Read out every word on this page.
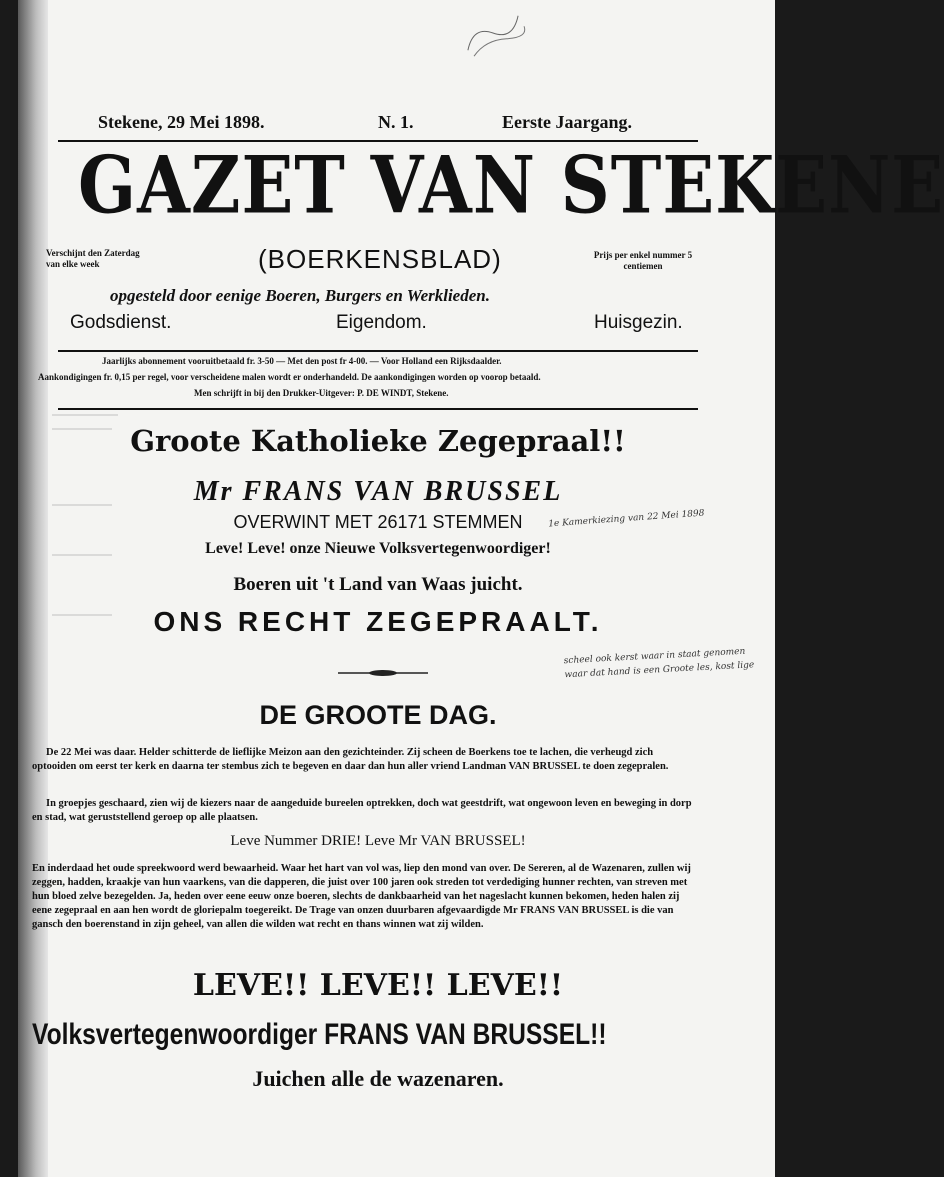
Stekene, 29 Mei 1898.	N. 1.	Eerste Jaargang.
GAZET VAN STEKENE
Verschijnt den Zaterdag
van elke week	(BOERKENSBLAD)	Prijs per enkel nummer 5 centiemen
opgesteld door eenige Boeren, Burgers en Werklieden.
Godsdienst.	Eigendom.	Huisgezin.
Jaarlijks abonnement vooruitbetaald fr. 3-50 — Met den post fr 4-00. — Voor Holland een Rijksdaalder.
Aankondigingen fr. 0,15 per regel, voor verscheidene malen wordt er onderhandeld. De aankondigingen worden op voorop betaald.
Men schrijft in bij den Drukker-Uitgever: P. DE WINDT, Stekene.
Groote Katholieke Zegepraal!!
Mr FRANS VAN BRUSSEL
OVERWINT MET 26171 STEMMEN	1e Kamerkiezing van 22 Mei 1898
Leve! Leve! onze Nieuwe Volksvertegenwoordiger!
Boeren uit 't Land van Waas juicht.
ONS RECHT ZEGEPRAALT.
scheel ook kerst waar in staat genomen waar dat hand is een Groote les, kost lige
DE GROOTE DAG.
De 22 Mei was daar. Helder schitterde de lieflijke Meizon aan den gezichteinder. Zij scheen de Boerkens toe te lachen, die verheugd zich optooiden om eerst ter kerk en daarna ter stembus zich te begeven en daar dan hun aller vriend Landman VAN BRUSSEL te doen zegepralen.
In groepjes geschaard, zien wij de kiezers naar de aangeduide bureelen optrekken, doch wat geestdrift, wat ongewoon leven en beweging in dorp en stad, wat geruststellend geroep op alle plaatsen.
Leve Nummer DRIE! Leve Mr VAN BRUSSEL!
En inderdaad het oude spreekwoord werd bewaarheid. Waar het hart van vol was, liep den mond van over. De Sereren, al de Wazenaren, zullen wij zeggen, hadden, kraakje van hun vaarkens, van die dapperen, die juist over 100 jaren ook streden tot verdediging hunner rechten, van streven met hun bloed zelve bezegelden. Ja, heden over eene eeuw onze boeren, slechts de dankbaarheid van het nageslacht kunnen bekomen, heden halen zij eene zegepraal en aan hen wordt de gloriepalm toegereikt. De Trage van onzen duurbaren afgevaardigde Mr FRANS VAN BRUSSEL is die van gansch den boerenstand in zijn geheel, van allen die wilden wat recht en thans winnen wat zij wilden.
LEVE!! LEVE!! LEVE!!
Volksvertegenwoordiger FRANS VAN BRUSSEL!!
Juichen alle de wazenaren.
